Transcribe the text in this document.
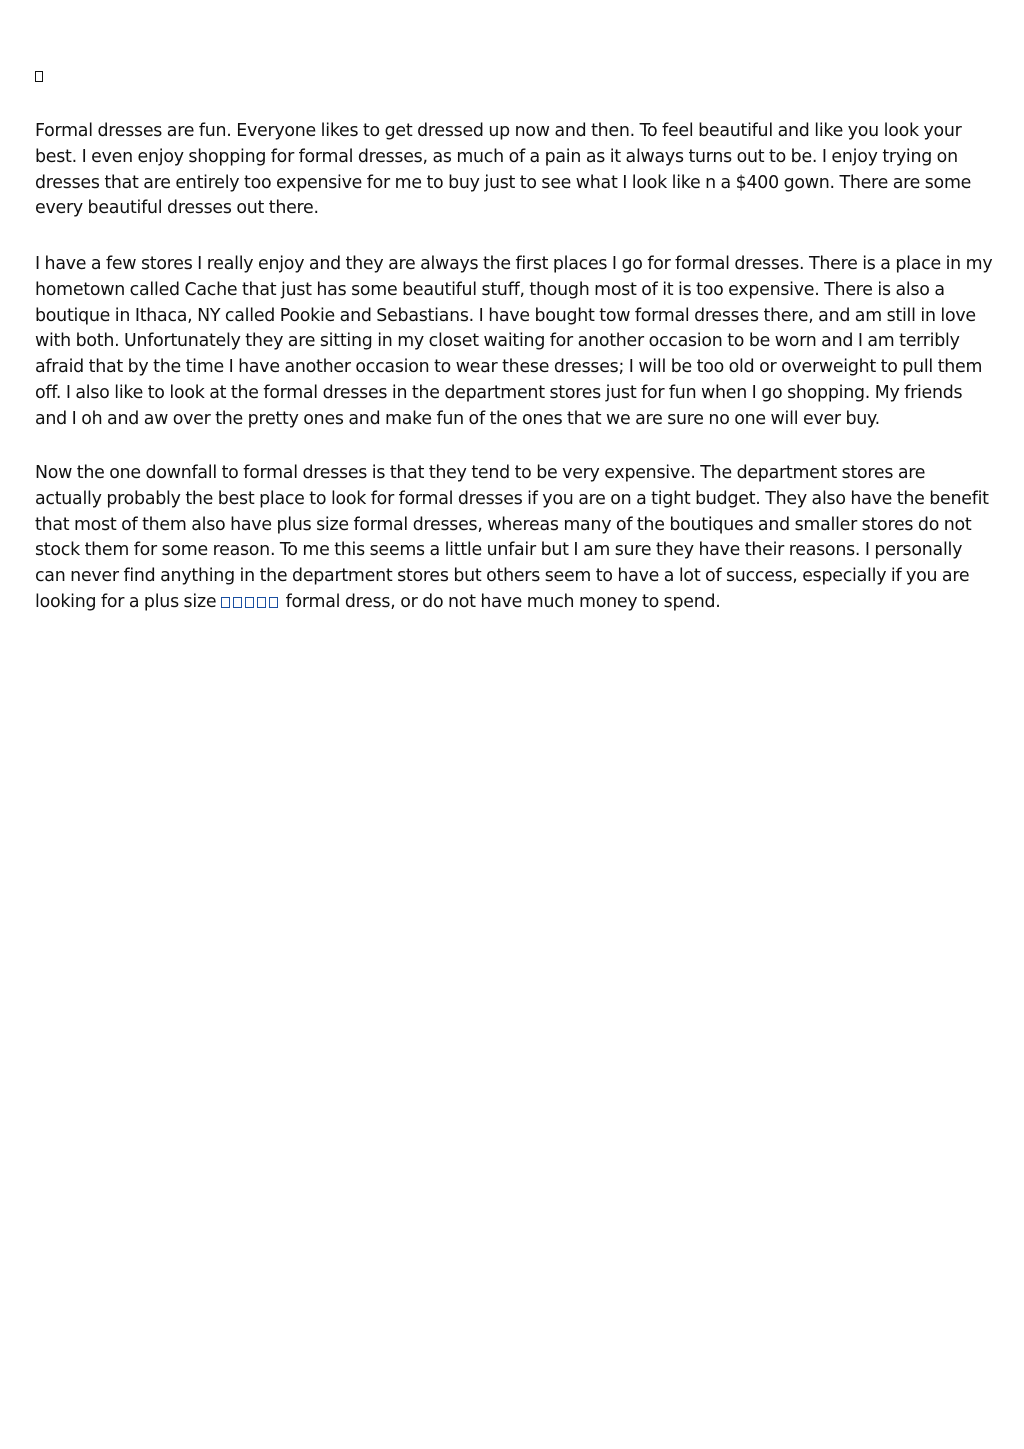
Formal dresses are fun. Everyone likes to get dressed up now and then. To feel beautiful and like you look your best. I even enjoy shopping for formal dresses, as much of a pain as it always turns out to be. I enjoy trying on dresses that are entirely too expensive for me to buy just to see what I look like n a $400 gown. There are some every beautiful dresses out there.

I have a few stores I really enjoy and they are always the first places I go for formal dresses. There is a place in my hometown called Cache that just has some beautiful stuff, though most of it is too expensive. There is also a boutique in Ithaca, NY called Pookie and Sebastians. I have bought tow formal dresses there, and am still in love with both. Unfortunately they are sitting in my closet waiting for another occasion to be worn and I am terribly afraid that by the time I have another occasion to wear these dresses; I will be too old or overweight to pull them off. I also like to look at the formal dresses in the department stores just for fun when I go shopping. My friends and I oh and aw over the pretty ones and make fun of the ones that we are sure no one will ever buy.

Now the one downfall to formal dresses is that they tend to be very expensive. The department stores are actually probably the best place to look for formal dresses if you are on a tight budget. They also have the benefit that most of them also have plus size formal dresses, whereas many of the boutiques and smaller stores do not stock them for some reason. To me this seems a little unfair but I am sure they have their reasons. I personally can never find anything in the department stores but others seem to have a lot of success, especially if you are looking for a plus size	formal dress, or do not have much money to spend.
